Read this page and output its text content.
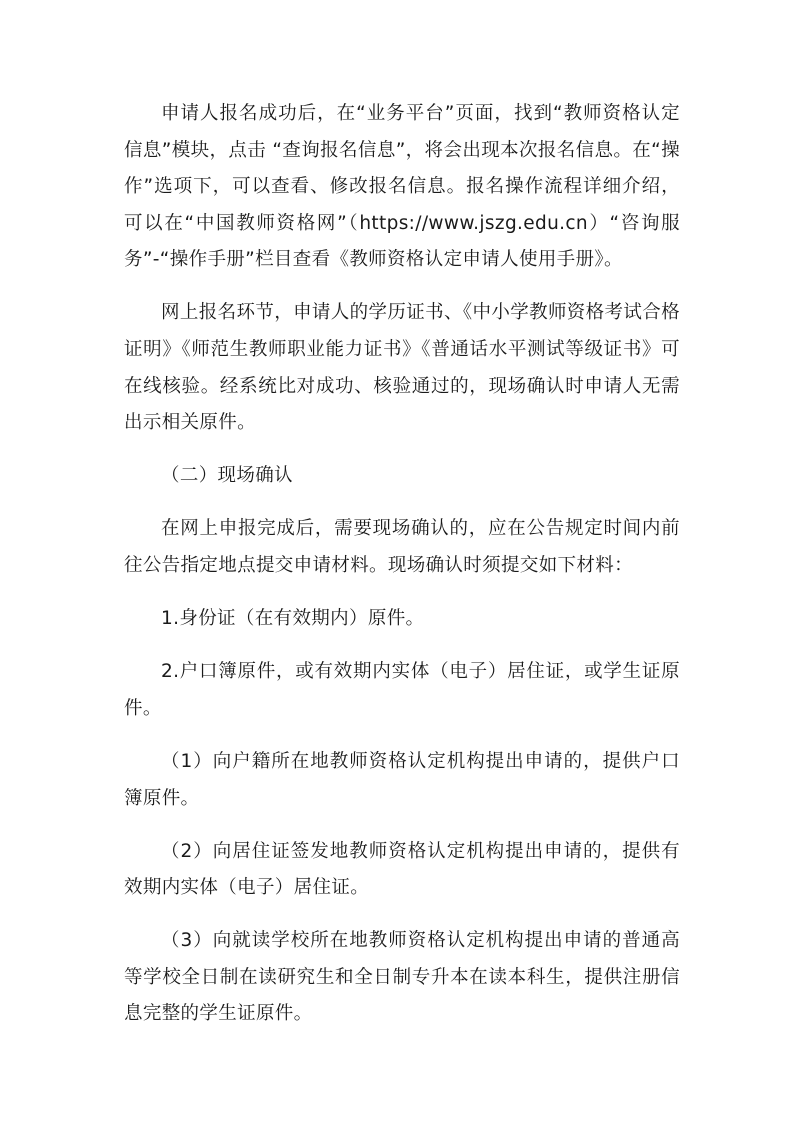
申请人报名成功后，在“业务平台”页面，找到“教师资格认定信息”模块，点击 “查询报名信息”，将会出现本次报名信息。在“操作”选项下，可以查看、修改报名信息。报名操作流程详细介绍，可以在“中国教师资格网”（https://www.jszg.edu.cn）“咨询服务”-“操作手册”栏目查看《教师资格认定申请人使用手册》。

网上报名环节，申请人的学历证书、《中小学教师资格考试合格证明》《师范生教师职业能力证书》《普通话水平测试等级证书》可在线核验。经系统比对成功、核验通过的，现场确认时申请人无需出示相关原件。

（二）现场确认

在网上申报完成后，需要现场确认的，应在公告规定时间内前往公告指定地点提交申请材料。现场确认时须提交如下材料：

1.身份证（在有效期内）原件。

2.户口簿原件，或有效期内实体（电子）居住证，或学生证原件。

（1）向户籍所在地教师资格认定机构提出申请的，提供户口簿原件。

（2）向居住证签发地教师资格认定机构提出申请的，提供有效期内实体（电子）居住证。

（3）向就读学校所在地教师资格认定机构提出申请的普通高等学校全日制在读研究生和全日制专升本在读本科生，提供注册信息完整的学生证原件。
